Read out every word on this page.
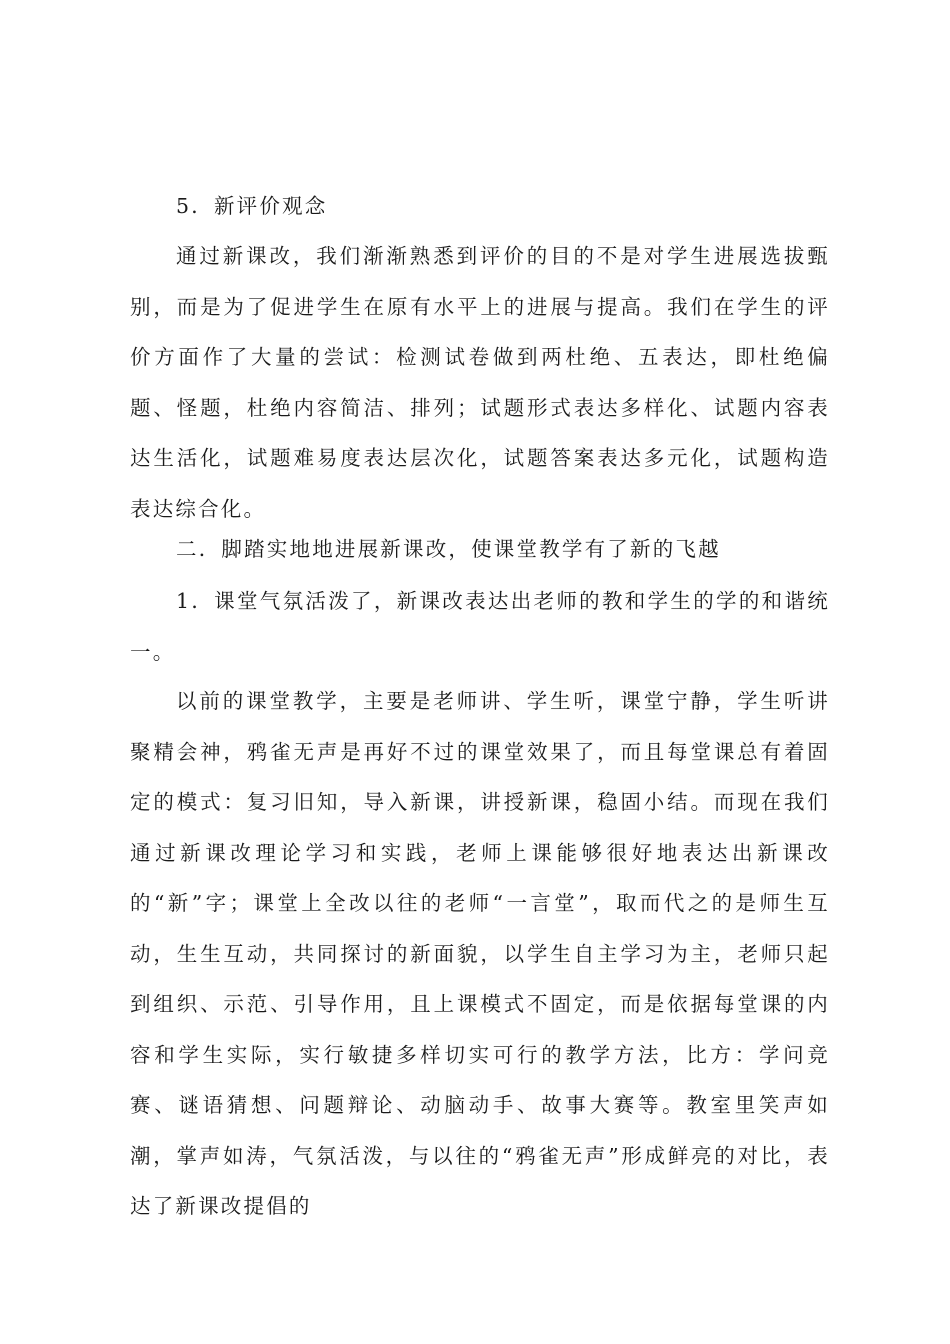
5．新评价观念

通过新课改，我们渐渐熟悉到评价的目的不是对学生进展选拔甄别，而是为了促进学生在原有水平上的进展与提高。我们在学生的评价方面作了大量的尝试：检测试卷做到两杜绝、五表达，即杜绝偏题、怪题，杜绝内容简洁、排列；试题形式表达多样化、试题内容表达生活化，试题难易度表达层次化，试题答案表达多元化，试题构造表达综合化。

二．脚踏实地地进展新课改，使课堂教学有了新的飞越

1．课堂气氛活泼了，新课改表达出老师的教和学生的学的和谐统一。

以前的课堂教学，主要是老师讲、学生听，课堂宁静，学生听讲聚精会神，鸦雀无声是再好不过的课堂效果了，而且每堂课总有着固定的模式：复习旧知，导入新课，讲授新课，稳固小结。而现在我们通过新课改理论学习和实践，老师上课能够很好地表达出新课改的“新”字；课堂上全改以往的老师“一言堂”，取而代之的是师生互动，生生互动，共同探讨的新面貌，以学生自主学习为主，老师只起到组织、示范、引导作用，且上课模式不固定，而是依据每堂课的内容和学生实际，实行敏捷多样切实可行的教学方法，比方：学问竞赛、谜语猜想、问题辩论、动脑动手、故事大赛等。教室里笑声如潮，掌声如涛，气氛活泼，与以往的“鸦雀无声”形成鲜亮的对比，表达了新课改提倡的
